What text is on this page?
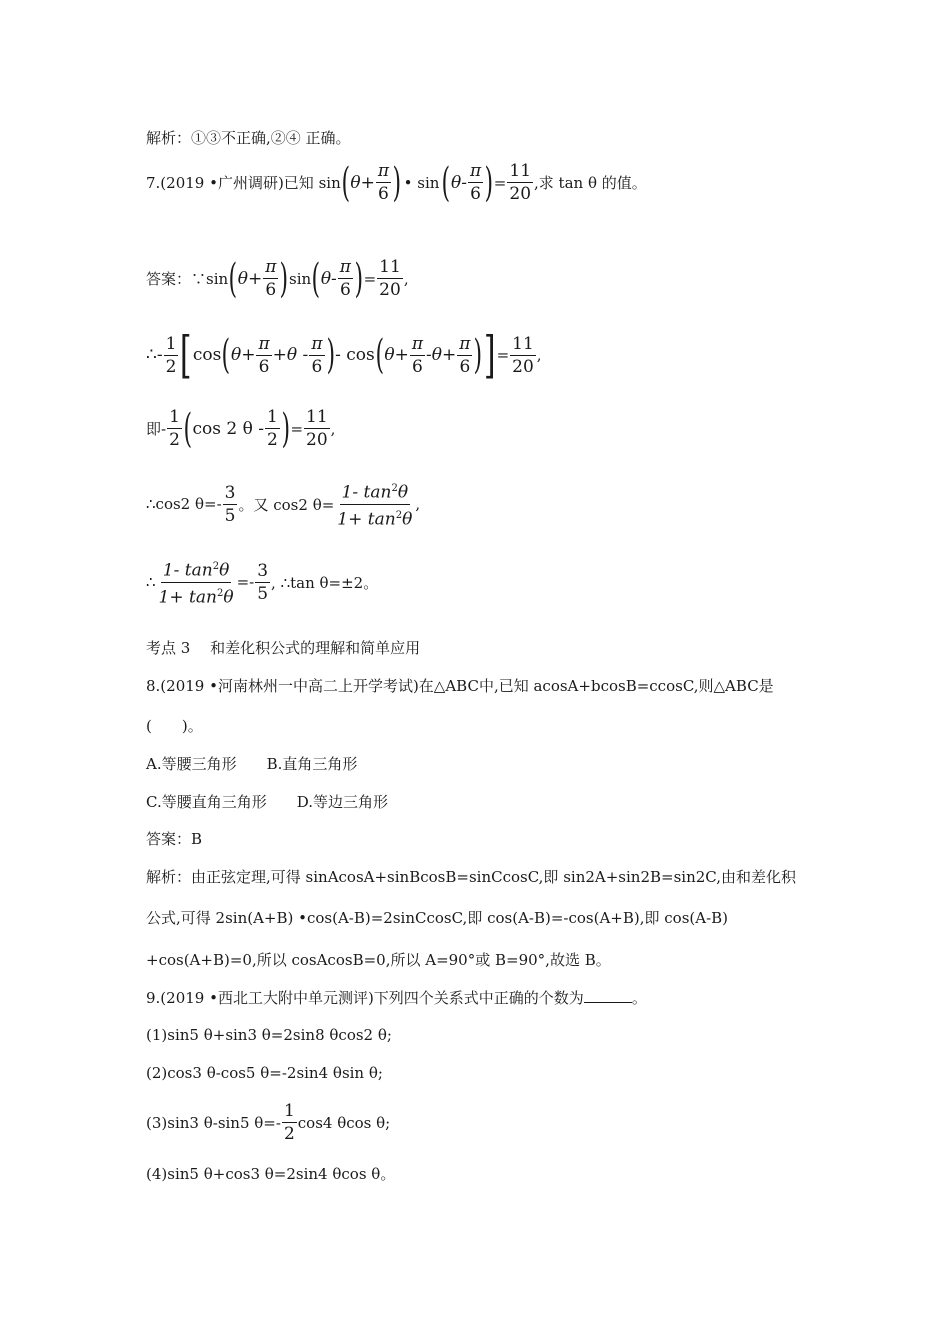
解析：①③不正确,②④ 正确。
7.(2019 •广州调研)已知 sin ( $\theta+ \frac{\pi}{6}$ ) • sin ( $\theta- \frac{\pi}{6}$ ) = $\frac{11}{20}$ ,求 tan θ 的值。
答案：∵sin ( $\theta+ \frac{\pi}{6}$ ) sin ( $\theta- \frac{\pi}{6}$ ) = $\frac{11}{20}$ ,
∴- $\frac{1}{2}$ [ cos ( $\theta+ \frac{\pi}{6} +\theta - \frac{\pi}{6}$ ) - cos ( $\theta+ \frac{\pi}{6} -\theta+ \frac{\pi}{6}$ ) ] = $\frac{11}{20}$ ,
即- $\frac{1}{2}$ ( cos 2 θ - $\frac{1}{2}$ ) = $\frac{11}{20}$ ,
∴cos2 $\theta=- \frac{3}{5}$ 。又 cos2 $\theta= \frac{1- \tan^2\theta}{1+ \tan^2\theta}$ ,
∴ $\frac{1- \tan^2\theta}{1+ \tan^2\theta} =- \frac{3}{5}$ , ∴tan θ=±2。
考点 3　 和差化积公式的理解和简单应用
8.(2019 •河南林州一中高二上开学考试)在△ABC中,已知 acosA+bcosB=ccosC,则△ABC是
(　　)。
A.等腰三角形　　B.直角三角形
C.等腰直角三角形　　D.等边三角形
答案：B
解析：由正弦定理,可得 sinAcosA+sinBcosB=sinCcosC,即 sin2A+sin2B=sin2C,由和差化积
公式,可得 2sin(A+B) •cos(A-B)=2sinCcosC,即 cos(A-B)=-cos(A+B),即 cos(A-B)
+cos(A+B)=0,所以 cosAcosB=0,所以 A=90°或 B=90°,故选 B。
9.(2019 •西北工大附中单元测评)下列四个关系式中正确的个数为	。
(1)sin5 θ+sin3 θ=2sin8 θcos2 θ;
(2)cos3 θ-cos5 θ=-2sin4 θsin θ;
(3)sin3 θ-sin5 $\theta=- \frac{1}{2} \cos 4$ θcos θ;
(4)sin5 θ+cos3 θ=2sin4 θcos θ。
